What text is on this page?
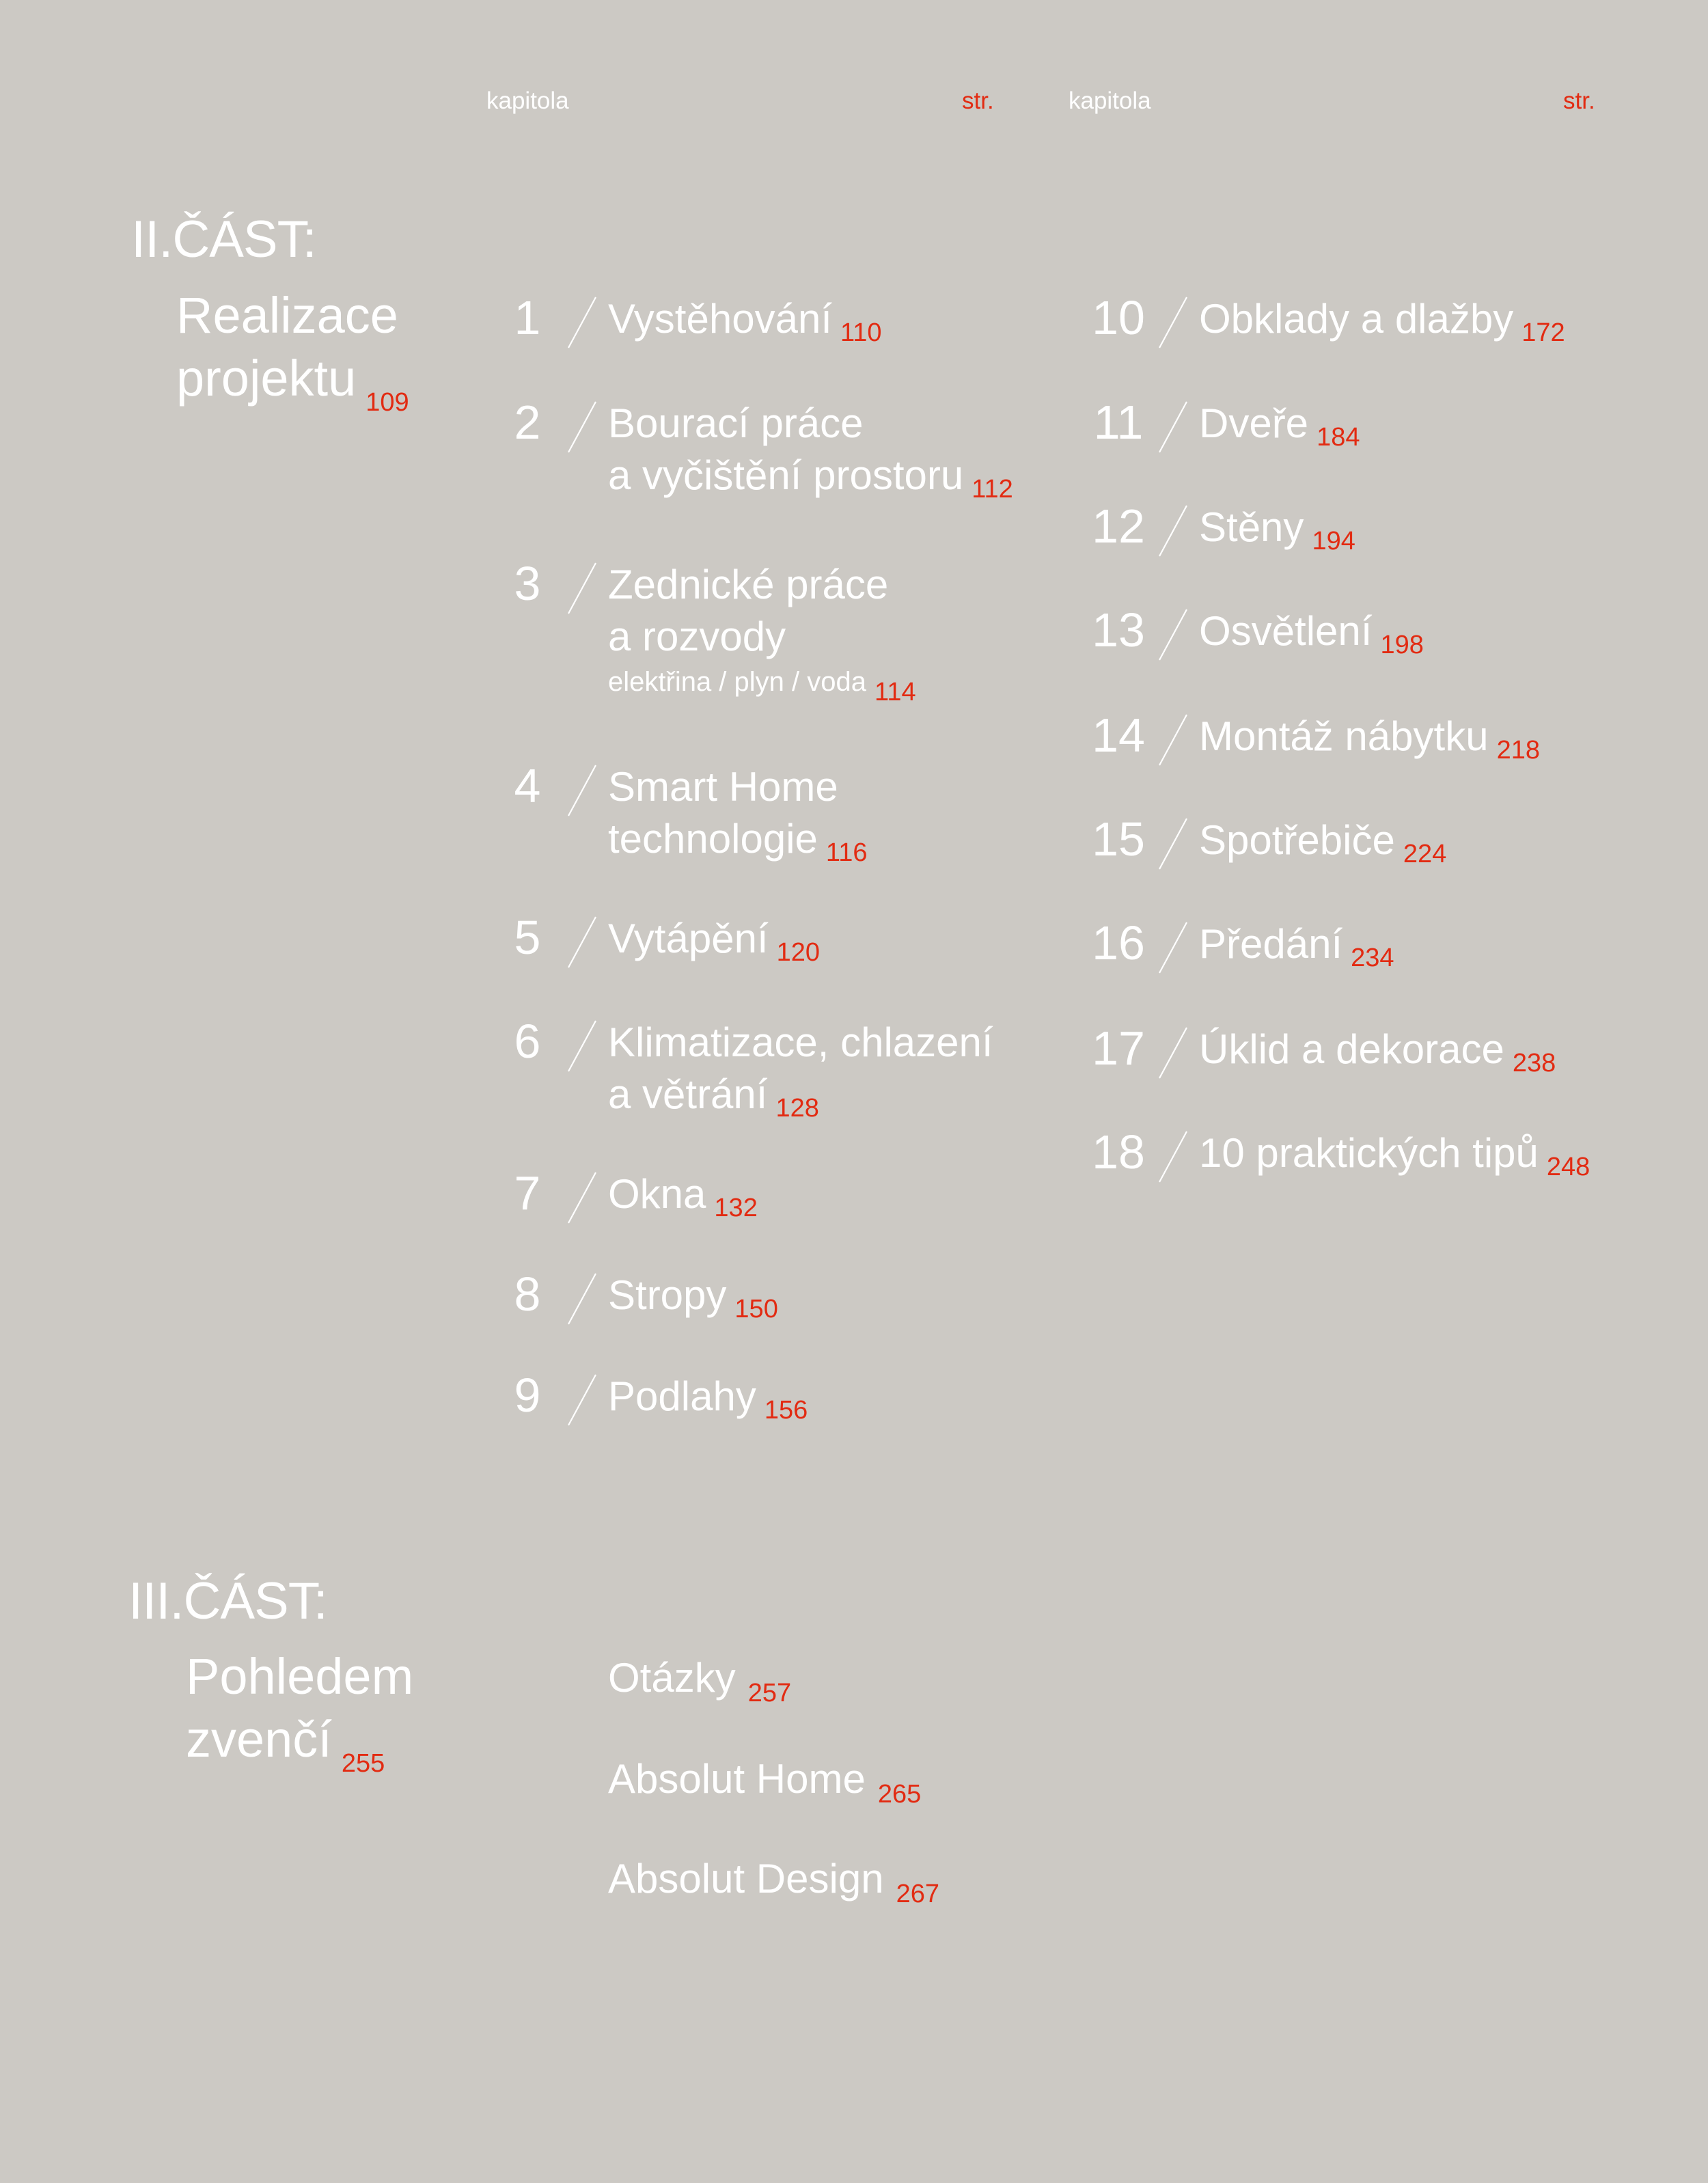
kapitola	str.	kapitola	str.
II.ČÁST:
Realizace
projektu $_{109}$
1	Vystěhování $_{110}$
2	Bourací práce
a vyčištění prostoru $_{112}$
3	Zednické práce
a rozvody
elektřina / plyn / voda 114
4	Smart Home
technologie $_{116}$
5	Vytápění $_{120}$
6	Klimatizace, chlazení
a větrání $_{128}$
7	Okna $_{132}$
8	Stropy $_{150}$
9	Podlahy $_{156}$
10	Obklady a dlažby $_{172}$
11	Dveře $_{184}$
12	Stěny $_{194}$
13	Osvětlení $_{198}$
14	Montáž nábytku $_{218}$
15	Spotřebiče $_{224}$
16	Předání $_{234}$
17	Úklid a dekorace $_{238}$
18	10 praktických tipů $_{248}$
III.ČÁST:
Pohledem
zvenčí $_{255}$
Otázky $_{257}$
Absolut Home $_{265}$
Absolut Design $_{267}$
